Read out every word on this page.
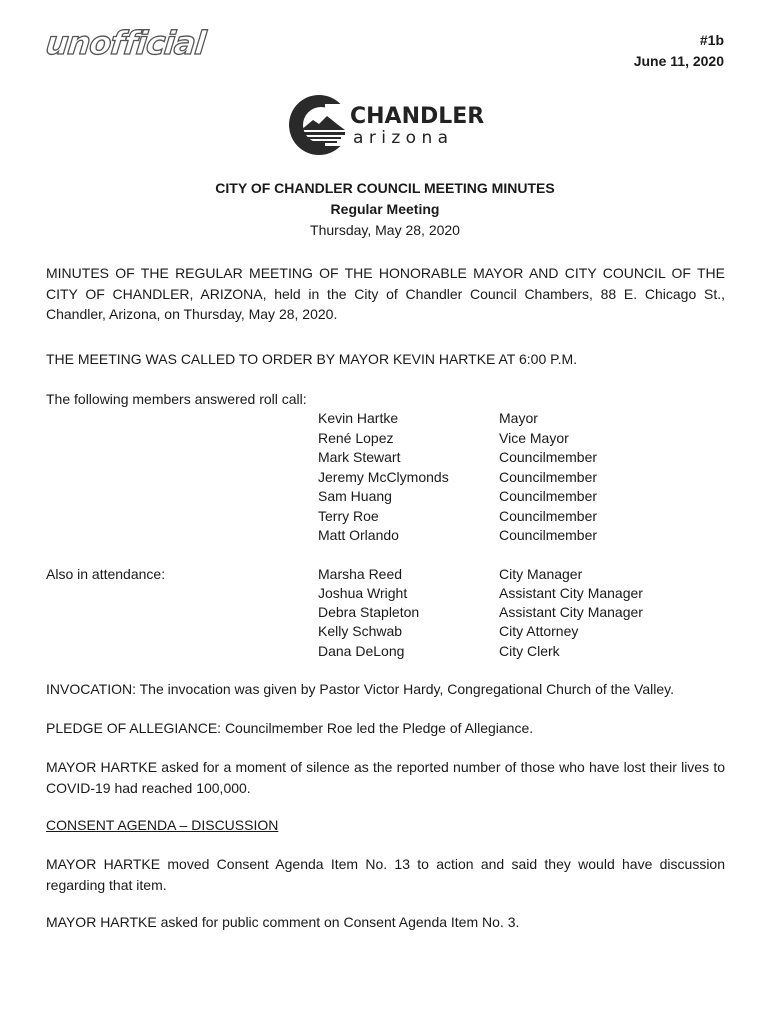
unofficial	#1b
June 11, 2020
CHANDLER
a r i z o n a
CITY OF CHANDLER COUNCIL MEETING MINUTES
Regular Meeting
Thursday, May 28, 2020
MINUTES OF THE REGULAR MEETING OF THE HONORABLE MAYOR AND CITY COUNCIL OF THE CITY OF CHANDLER, ARIZONA, held in the City of Chandler Council Chambers, 88 E. Chicago St., Chandler, Arizona, on Thursday, May 28, 2020.
THE MEETING WAS CALLED TO ORDER BY MAYOR KEVIN HARTKE AT 6:00 P.M.
The following members answered roll call:
Kevin Hartke	Mayor
René Lopez	Vice Mayor
Mark Stewart	Councilmember
Jeremy McClymonds	Councilmember
Sam Huang	Councilmember
Terry Roe	Councilmember
Matt Orlando	Councilmember
Also in attendance:	Marsha Reed	City Manager
Joshua Wright	Assistant City Manager
Debra Stapleton	Assistant City Manager
Kelly Schwab	City Attorney
Dana DeLong	City Clerk
INVOCATION: The invocation was given by Pastor Victor Hardy, Congregational Church of the Valley.
PLEDGE OF ALLEGIANCE: Councilmember Roe led the Pledge of Allegiance.
MAYOR HARTKE asked for a moment of silence as the reported number of those who have lost their lives to COVID-19 had reached 100,000.
CONSENT AGENDA – DISCUSSION
MAYOR HARTKE moved Consent Agenda Item No. 13 to action and said they would have discussion regarding that item.
MAYOR HARTKE asked for public comment on Consent Agenda Item No. 3.
